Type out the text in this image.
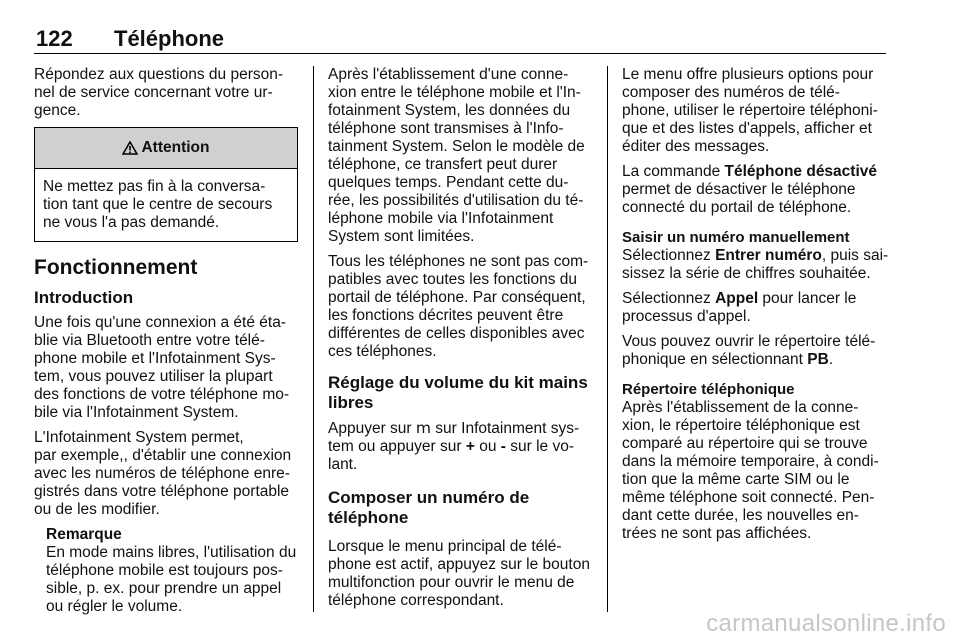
122 Téléphone

Répondez aux questions du person-
nel de service concernant votre ur-
gence.

Attention
Ne mettez pas fin à la conversa-
tion tant que le centre de secours
ne vous l'a pas demandé.
Fonctionnement
Introduction

Une fois qu'une connexion a été éta-
blie via Bluetooth entre votre télé-
phone mobile et l'Infotainment Sys-
tem, vous pouvez utiliser la plupart
des fonctions de votre téléphone mo-
bile via l'Infotainment System.

L'Infotainment System permet,
par exemple,, d'établir une connexion
avec les numéros de téléphone enre-
gistrés dans votre téléphone portable
ou de les modifier.

Remarque
En mode mains libres, l'utilisation du
téléphone mobile est toujours pos-
sible, p. ex. pour prendre un appel
ou régler le volume.

Après l'établissement d'une conne-
xion entre le téléphone mobile et l'In-
fotainment System, les données du
téléphone sont transmises à l'Info-
tainment System. Selon le modèle de
téléphone, ce transfert peut durer
quelques temps. Pendant cette du-
rée, les possibilités d'utilisation du té-
léphone mobile via l'Infotainment
System sont limitées.

Tous les téléphones ne sont pas com-
patibles avec toutes les fonctions du
portail de téléphone. Par conséquent,
les fonctions décrites peuvent être
différentes de celles disponibles avec
ces téléphones.

Réglage du volume du kit mains
libres

Appuyer sur m sur Infotainment sys-
tem ou appuyer sur + ou - sur le vo-
lant.

Composer un numéro de
téléphone

Lorsque le menu principal de télé-
phone est actif, appuyez sur le bouton
multifonction pour ouvrir le menu de
téléphone correspondant.

Le menu offre plusieurs options pour
composer des numéros de télé-
phone, utiliser le répertoire téléphoni-
que et des listes d'appels, afficher et
éditer des messages.

La commande Téléphone désactivé
permet de désactiver le téléphone
connecté du portail de téléphone.

Saisir un numéro manuellement

Sélectionnez Entrer numéro, puis sai-
sissez la série de chiffres souhaitée.

Sélectionnez Appel pour lancer le
processus d'appel.

Vous pouvez ouvrir le répertoire télé-
phonique en sélectionnant PB.

Répertoire téléphonique

Après l'établissement de la conne-
xion, le répertoire téléphonique est
comparé au répertoire qui se trouve
dans la mémoire temporaire, à condi-
tion que la même carte SIM ou le
même téléphone soit connecté. Pen-
dant cette durée, les nouvelles en-
trées ne sont pas affichées.

carmanualsonline.info
